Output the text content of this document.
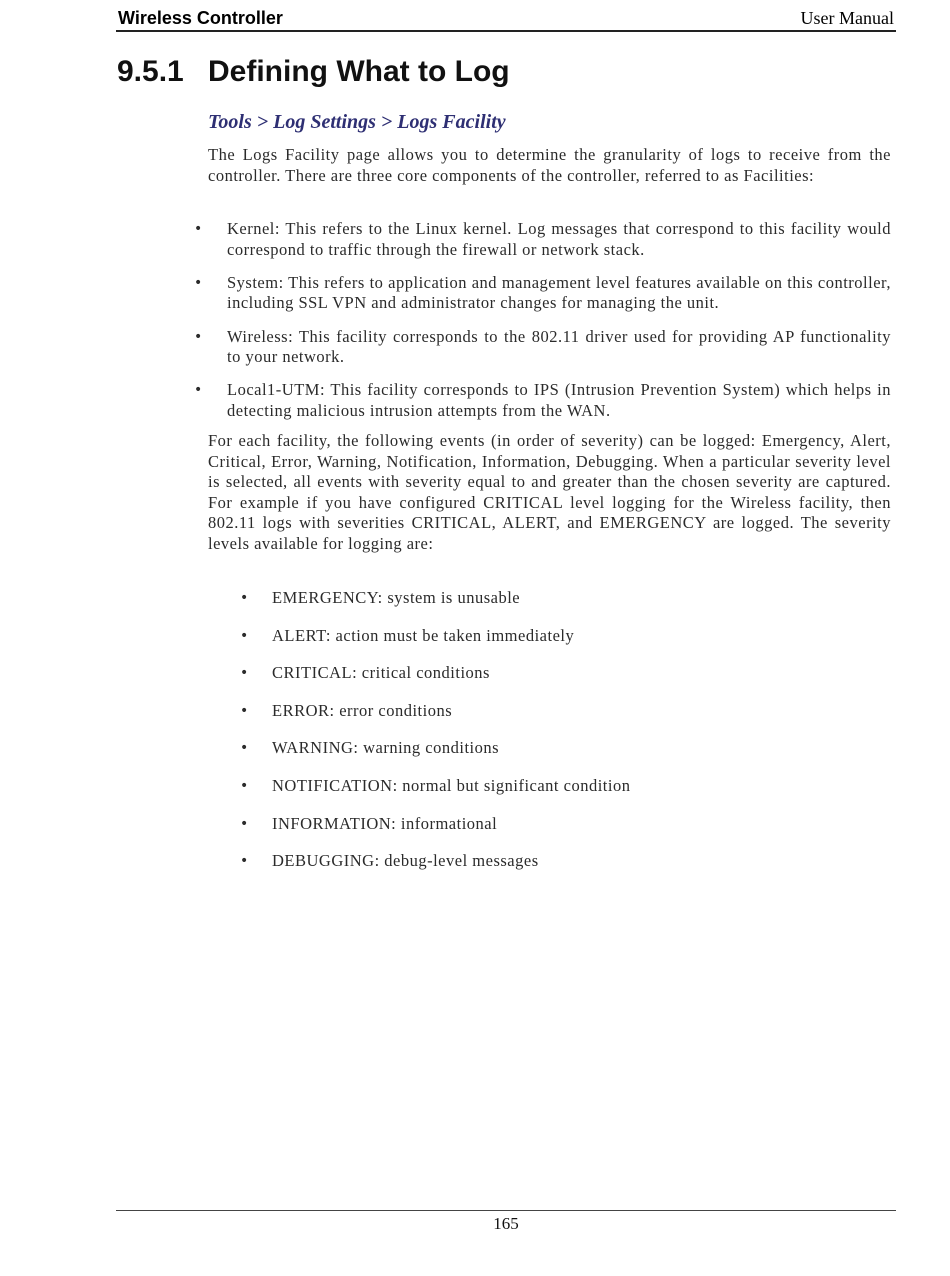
Wireless Controller	User Manual
9.5.1 Defining What to Log
Tools > Log Settings > Logs Facility

The Logs Facility page allows you to determine the granularity of logs to receive from the controller. There are three core components of the controller, referred to as Facilities:

• Kernel: This refers to the Linux kernel. Log messages that correspond to this facility would correspond to traffic through the firewall or network stack.
• System: This refers to application and management level features available on this controller, including SSL VPN and administrator changes for managing the unit.
• Wireless: This facility corresponds to the 802.11 driver used for providing AP functionality to your network.
• Local1-UTM: This facility corresponds to IPS (Intrusion Prevention System) which helps in detecting malicious intrusion attempts from the WAN.

For each facility, the following events (in order of severity) can be logged: Emergency, Alert, Critical, Error, Warning, Notification, Information, Debugging. When a particular severity level is selected, all events with severity equal to and greater than the chosen severity are captured. For example if you have configured CRITICAL level logging for the Wireless facility, then 802.11 logs with severities CRITICAL, ALERT, and EMERGENCY are logged. The severity levels available for logging are:

• EMERGENCY: system is unusable
• ALERT: action must be taken immediately
• CRITICAL: critical conditions
• ERROR: error conditions
• WARNING: warning conditions
• NOTIFICATION: normal but significant condition
• INFORMATION: informational
• DEBUGGING: debug-level messages
165
